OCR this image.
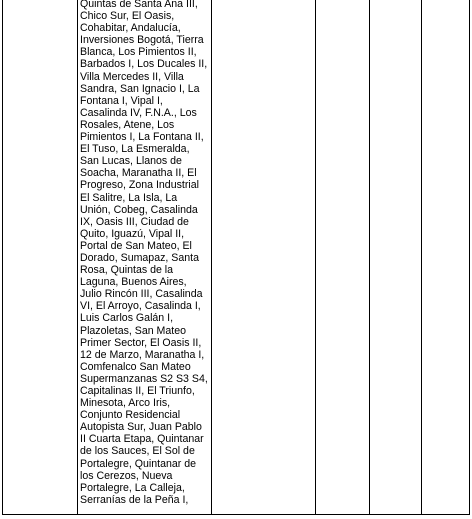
Quintas de Santa Ana III,
Chico Sur, El Oasis,
Cohabitar, Andalucía,
Inversiones Bogotá, Tierra
Blanca, Los Pimientos II,
Barbados I, Los Ducales II,
Villa Mercedes II, Villa
Sandra, San Ignacio I, La
Fontana I, Vipal I,
Casalinda IV, F.N.A., Los
Rosales, Atene, Los
Pimientos I, La Fontana II,
El Tuso, La Esmeralda,
San Lucas, Llanos de
Soacha, Maranatha II, El
Progreso, Zona Industrial
El Salitre, La Isla, La
Unión, Cobeg, Casalinda
IX, Oasis III, Ciudad de
Quito, Iguazú, Vipal II,
Portal de San Mateo, El
Dorado, Sumapaz, Santa
Rosa, Quintas de la
Laguna, Buenos Aires,
Julio Rincón III, Casalinda
VI, El Arroyo, Casalinda I,
Luis Carlos Galán I,
Plazoletas, San Mateo
Primer Sector, El Oasis II,
12 de Marzo, Maranatha I,
Comfenalco San Mateo
Supermanzanas S2 S3 S4,
Capitalinas II, El Triunfo,
Minesota, Arco Iris,
Conjunto Residencial
Autopista Sur, Juan Pablo
II Cuarta Etapa, Quintanar
de los Sauces, El Sol de
Portalegre, Quintanar de
los Cerezos, Nueva
Portalegre, La Calleja,
Serranías de la Peña I,
